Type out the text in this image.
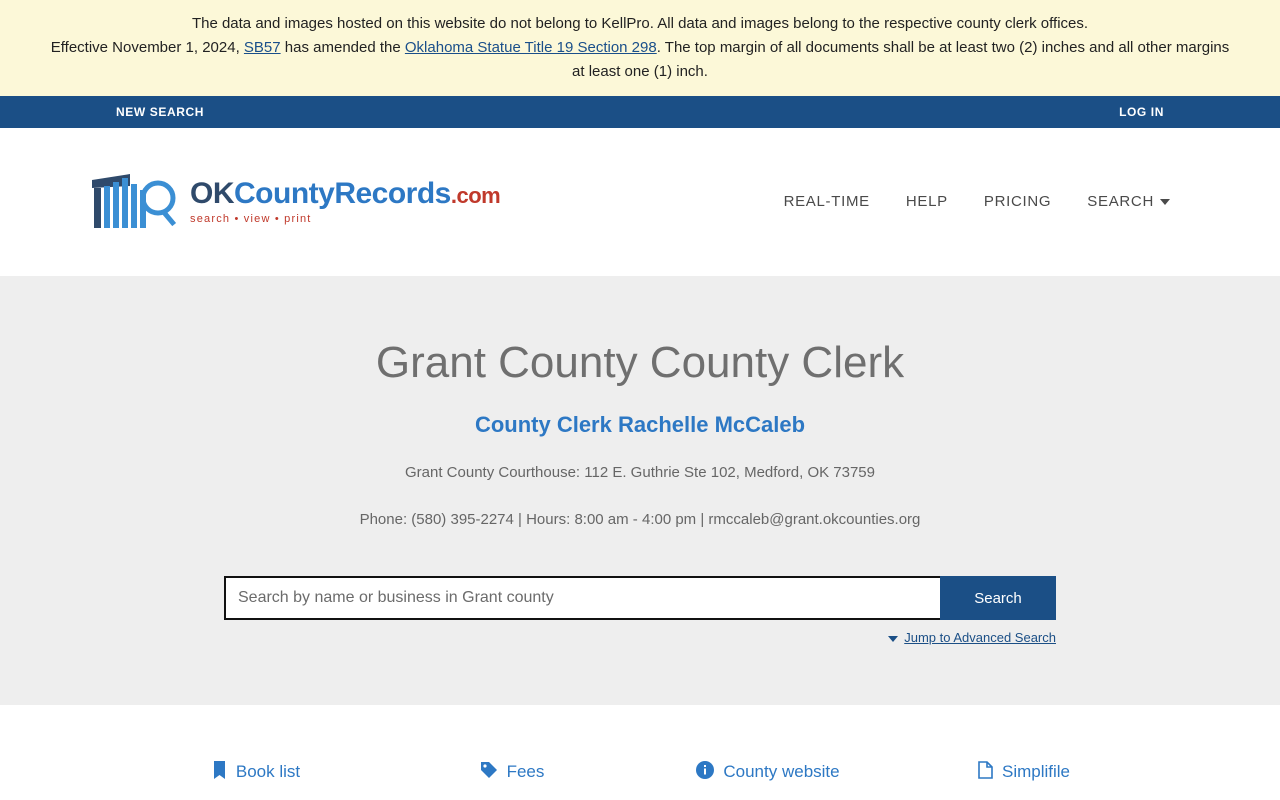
The data and images hosted on this website do not belong to KellPro. All data and images belong to the respective county clerk offices.
Effective November 1, 2024, SB57 has amended the Oklahoma Statue Title 19 Section 298. The top margin of all documents shall be at least two (2) inches and all other margins
at least one (1) inch.
NEW SEARCH	LOG IN
OKCountyRecords.com
search • view • print
REAL-TIME HELP PRICING SEARCH
Grant County County Clerk
County Clerk Rachelle McCaleb

Grant County Courthouse: 112 E. Guthrie Ste 102, Medford, OK 73759

Phone: (580) 395-2274 | Hours: 8:00 am - 4:00 pm | rmccaleb@grant.okcounties.org

Search by name or business in Grant county
Search
Jump to Advanced Search
Book list	Fees	County website	Simplifile
